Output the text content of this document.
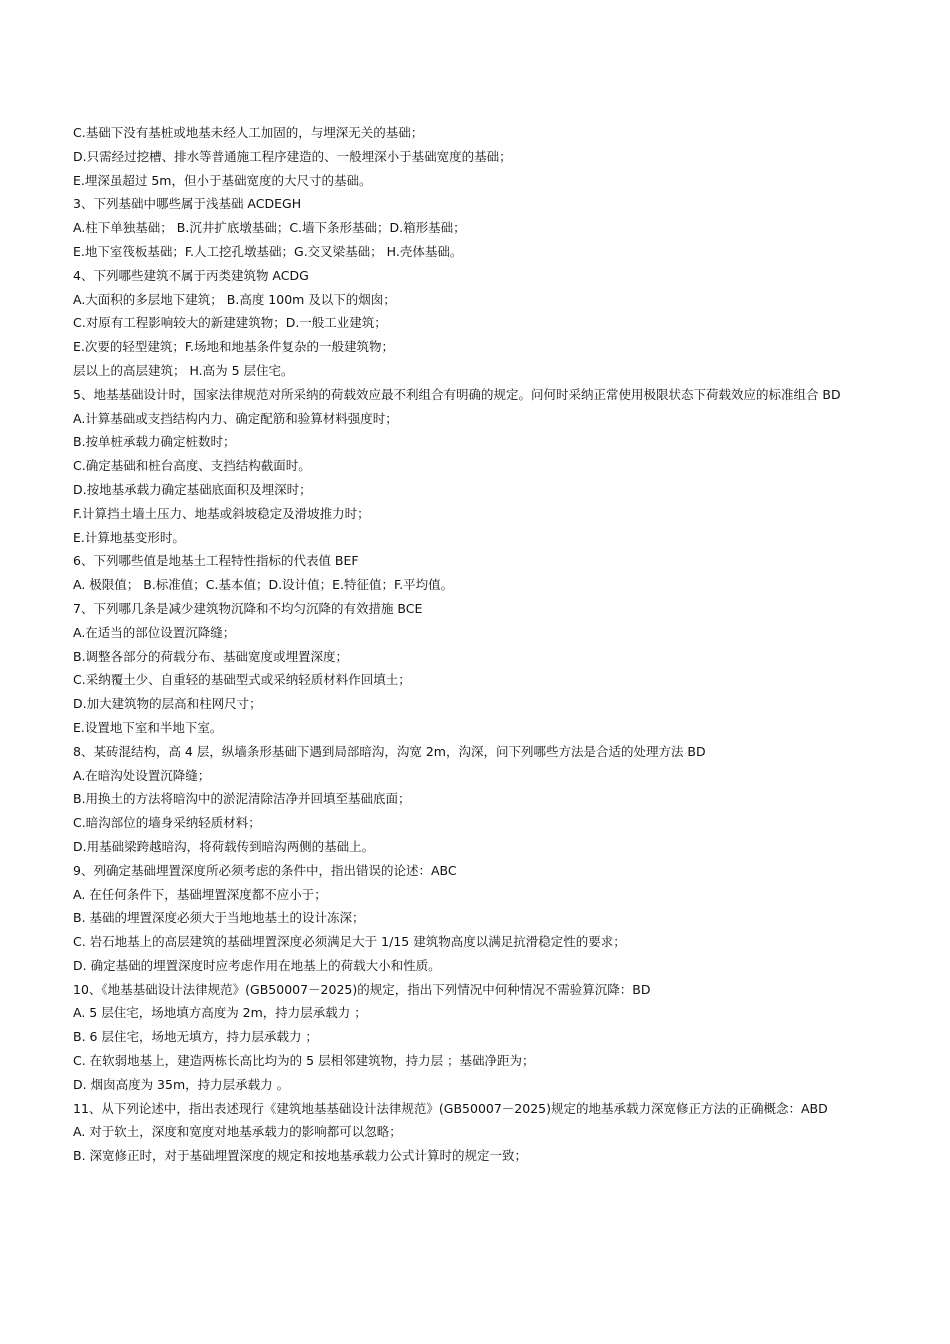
C.基础下没有基桩或地基未经人工加固的，与埋深无关的基础；
D.只需经过挖槽、排水等普通施工程序建造的、一般埋深小于基础宽度的基础；
E.埋深虽超过 5m，但小于基础宽度的大尺寸的基础。
3、下列基础中哪些属于浅基础 ACDEGH
A.柱下单独基础； B.沉井扩底墩基础；C.墙下条形基础；D.箱形基础；
E.地下室筏板基础；F.人工挖孔墩基础；G.交叉梁基础； H.壳体基础。
4、下列哪些建筑不属于丙类建筑物 ACDG
A.大面积的多层地下建筑； B.高度 100m 及以下的烟囱；
C.对原有工程影响较大的新建建筑物；D.一般工业建筑；
E.次要的轻型建筑；F.场地和地基条件复杂的一般建筑物；
层以上的高层建筑； H.高为 5 层住宅。
5、地基基础设计时，国家法律规范对所采纳的荷载效应最不利组合有明确的规定。问何时采纳正常使用极限状态下荷载效应的标准组合 BD
A.计算基础或支挡结构内力、确定配筋和验算材料强度时；
B.按单桩承载力确定桩数时；
C.确定基础和桩台高度、支挡结构截面时。
D.按地基承载力确定基础底面积及埋深时；
F.计算挡土墙土压力、地基或斜坡稳定及滑坡推力时；
E.计算地基变形时。
6、下列哪些值是地基土工程特性指标的代表值 BEF
A. 极限值； B.标准值；C.基本值；D.设计值；E.特征值；F.平均值。
7、下列哪几条是减少建筑物沉降和不均匀沉降的有效措施 BCE
A.在适当的部位设置沉降缝；
B.调整各部分的荷载分布、基础宽度或埋置深度；
C.采纳覆土少、自重轻的基础型式或采纳轻质材料作回填土；
D.加大建筑物的层高和柱网尺寸；
E.设置地下室和半地下室。
8、某砖混结构，高 4 层，纵墙条形基础下遇到局部暗沟，沟宽 2m，沟深，问下列哪些方法是合适的处理方法 BD
A.在暗沟处设置沉降缝；
B.用换土的方法将暗沟中的淤泥清除洁净并回填至基础底面；
C.暗沟部位的墙身采纳轻质材料；
D.用基础梁跨越暗沟，将荷载传到暗沟两侧的基础上。
9、列确定基础埋置深度所必须考虑的条件中，指出错误的论述：ABC
A. 在任何条件下，基础埋置深度都不应小于；
B. 基础的埋置深度必须大于当地地基土的设计冻深；
C. 岩石地基上的高层建筑的基础埋置深度必须满足大于 1/15 建筑物高度以满足抗滑稳定性的要求；
D. 确定基础的埋置深度时应考虑作用在地基上的荷载大小和性质。
10、《地基基础设计法律规范》(GB50007－2025)的规定，指出下列情况中何种情况不需验算沉降：BD
A. 5 层住宅，场地填方高度为 2m，持力层承载力 ；
B. 6 层住宅，场地无填方，持力层承载力 ；
C. 在软弱地基上，建造两栋长高比均为的 5 层相邻建筑物，持力层 ；基础净距为；
D. 烟囱高度为 35m，持力层承载力 。
11、从下列论述中，指出表述现行《建筑地基基础设计法律规范》(GB50007－2025)规定的地基承载力深宽修正方法的正确概念：ABD
A. 对于软土，深度和宽度对地基承载力的影响都可以忽略；
B. 深宽修正时，对于基础埋置深度的规定和按地基承载力公式计算时的规定一致；
